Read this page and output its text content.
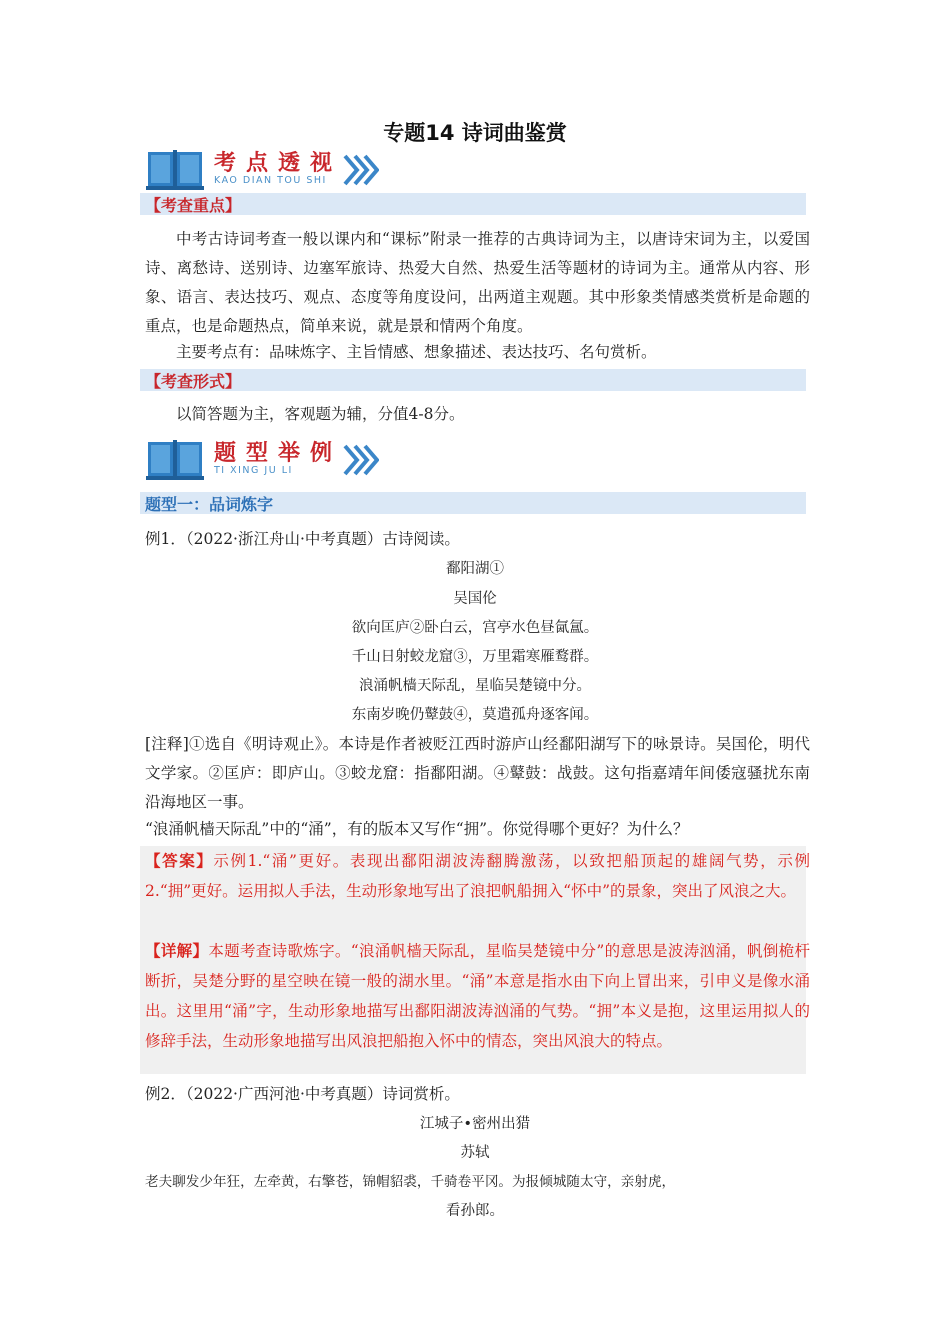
专题14 诗词曲鉴赏
考点透视
KAO DIAN TOU SHI
【考查重点】
中考古诗词考查一般以课内和“课标”附录一推荐的古典诗词为主，以唐诗宋词为主，以爱国诗、离愁诗、送别诗、边塞军旅诗、热爱大自然、热爱生活等题材的诗词为主。通常从内容、形象、语言、表达技巧、观点、态度等角度设问，出两道主观题。其中形象类情感类赏析是命题的重点，也是命题热点，简单来说，就是景和情两个角度。
主要考点有：品味炼字、主旨情感、想象描述、表达技巧、名句赏析。
【考查形式】
以简答题为主，客观题为辅，分值4-8分。
题型举例
TI XING JU LI
题型一：品词炼字
例1．（2022·浙江舟山·中考真题）古诗阅读。
鄱阳湖①
吴国伦
欲向匡庐②卧白云，宫亭水色昼氤氲。
千山日射蛟龙窟③，万里霜寒雁鹜群。
浪涌帆樯天际乱，星临吴楚镜中分。
东南岁晚仍鼙鼓④，莫遣孤舟逐客闻。
[注释]①选自《明诗观止》。本诗是作者被贬江西时游庐山经鄱阳湖写下的咏景诗。吴国伦，明代文学家。②匡庐：即庐山。③蛟龙窟：指鄱阳湖。④鼙鼓：战鼓。这句指嘉靖年间倭寇骚扰东南沿海地区一事。
“浪涌帆樯天际乱”中的“涌”，有的版本又写作“拥”。你觉得哪个更好？为什么？
【答案】示例1.“涌”更好。表现出鄱阳湖波涛翻腾激荡，以致把船顶起的雄阔气势，示例2.“拥”更好。运用拟人手法，生动形象地写出了浪把帆船拥入“怀中”的景象，突出了风浪之大。
【详解】本题考查诗歌炼字。“浪涌帆樯天际乱，星临吴楚镜中分”的意思是波涛汹涌，帆倒桅杆断折，吴楚分野的星空映在镜一般的湖水里。“涌”本意是指水由下向上冒出来，引申义是像水涌出。这里用“涌”字，生动形象地描写出鄱阳湖波涛汹涌的气势。“拥”本义是抱，这里运用拟人的修辞手法，生动形象地描写出风浪把船抱入怀中的情态，突出风浪大的特点。
例2．（2022·广西河池·中考真题）诗词赏析。
江城子•密州出猎
苏轼
老夫聊发少年狂，左牵黄，右擎苍，锦帽貂裘，千骑卷平冈。为报倾城随太守，亲射虎，
看孙郎。
